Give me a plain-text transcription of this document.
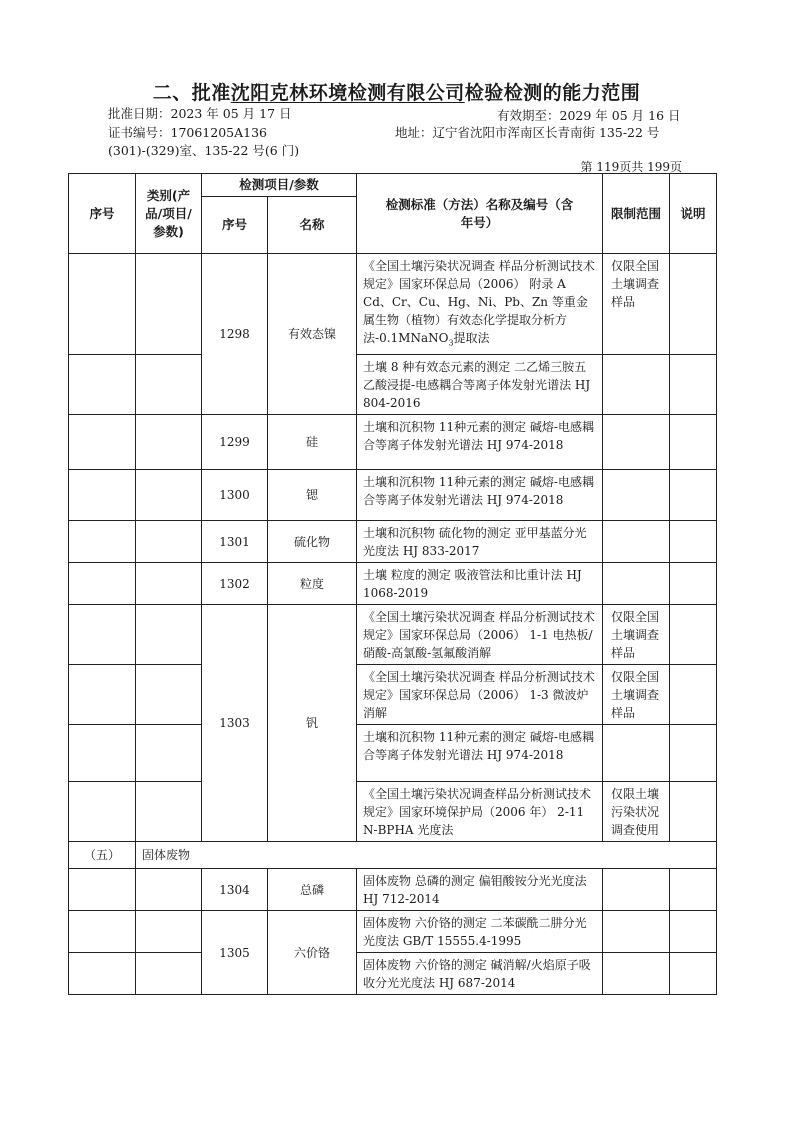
二、批准沈阳克林环境检测有限公司检验检测的能力范围
批准日期：2023 年 05 月 17 日	有效期至：2029 年 05 月 16 日
证书编号：17061205A136	地址：辽宁省沈阳市浑南区长青南街 135-22 号
(301)-(329)室、135-22 号(6 门)
第 119页共 199页
序号	类别(产品/项目/参数)	检测项目/参数		检测标准（方法）名称及编号（含年号）	限制范围	说明
		序号	名称			
		1298	有效态镍	《全国土壤污染状况调查 样品分析测试技术规定》国家环保总局（2006） 附录 A Cd、Cr、Cu、Hg、Ni、Pb、Zn 等重金属生物（植物）有效态化学提取分析方法-0.1MNaNO$_3$提取法	仅限全国土壤调查样品	
				土壤 8 种有效态元素的测定 二乙烯三胺五乙酸浸提-电感耦合等离子体发射光谱法 HJ 804-2016		
		1299	硅	土壤和沉积物 11种元素的测定 碱熔-电感耦合等离子体发射光谱法 HJ 974-2018		
		1300	锶	土壤和沉积物 11种元素的测定 碱熔-电感耦合等离子体发射光谱法 HJ 974-2018		
		1301	硫化物	土壤和沉积物 硫化物的测定 亚甲基蓝分光光度法 HJ 833-2017		
		1302	粒度	土壤 粒度的测定 吸液管法和比重计法 HJ 1068-2019		
		1303	钒	《全国土壤污染状况调查 样品分析测试技术规定》国家环保总局（2006） 1-1 电热板/硝酸-高氯酸-氢氟酸消解	仅限全国土壤调查样品	
				《全国土壤污染状况调查 样品分析测试技术规定》国家环保总局（2006） 1-3 微波炉消解	仅限全国土壤调查样品	
				土壤和沉积物 11种元素的测定 碱熔-电感耦合等离子体发射光谱法 HJ 974-2018		
				《全国土壤污染状况调查样品分析测试技术规定》国家环境保护局（2006 年） 2-11 N-BPHA 光度法	仅限土壤污染状况调查使用	
（五）	固体废物					
		1304	总磷	固体废物 总磷的测定 偏钼酸铵分光光度法 HJ 712-2014		
		1305	六价铬	固体废物 六价铬的测定 二苯碳酰二肼分光光度法 GB/T 15555.4-1995		
				固体废物 六价铬的测定 碱消解/火焰原子吸收分光光度法 HJ 687-2014		
